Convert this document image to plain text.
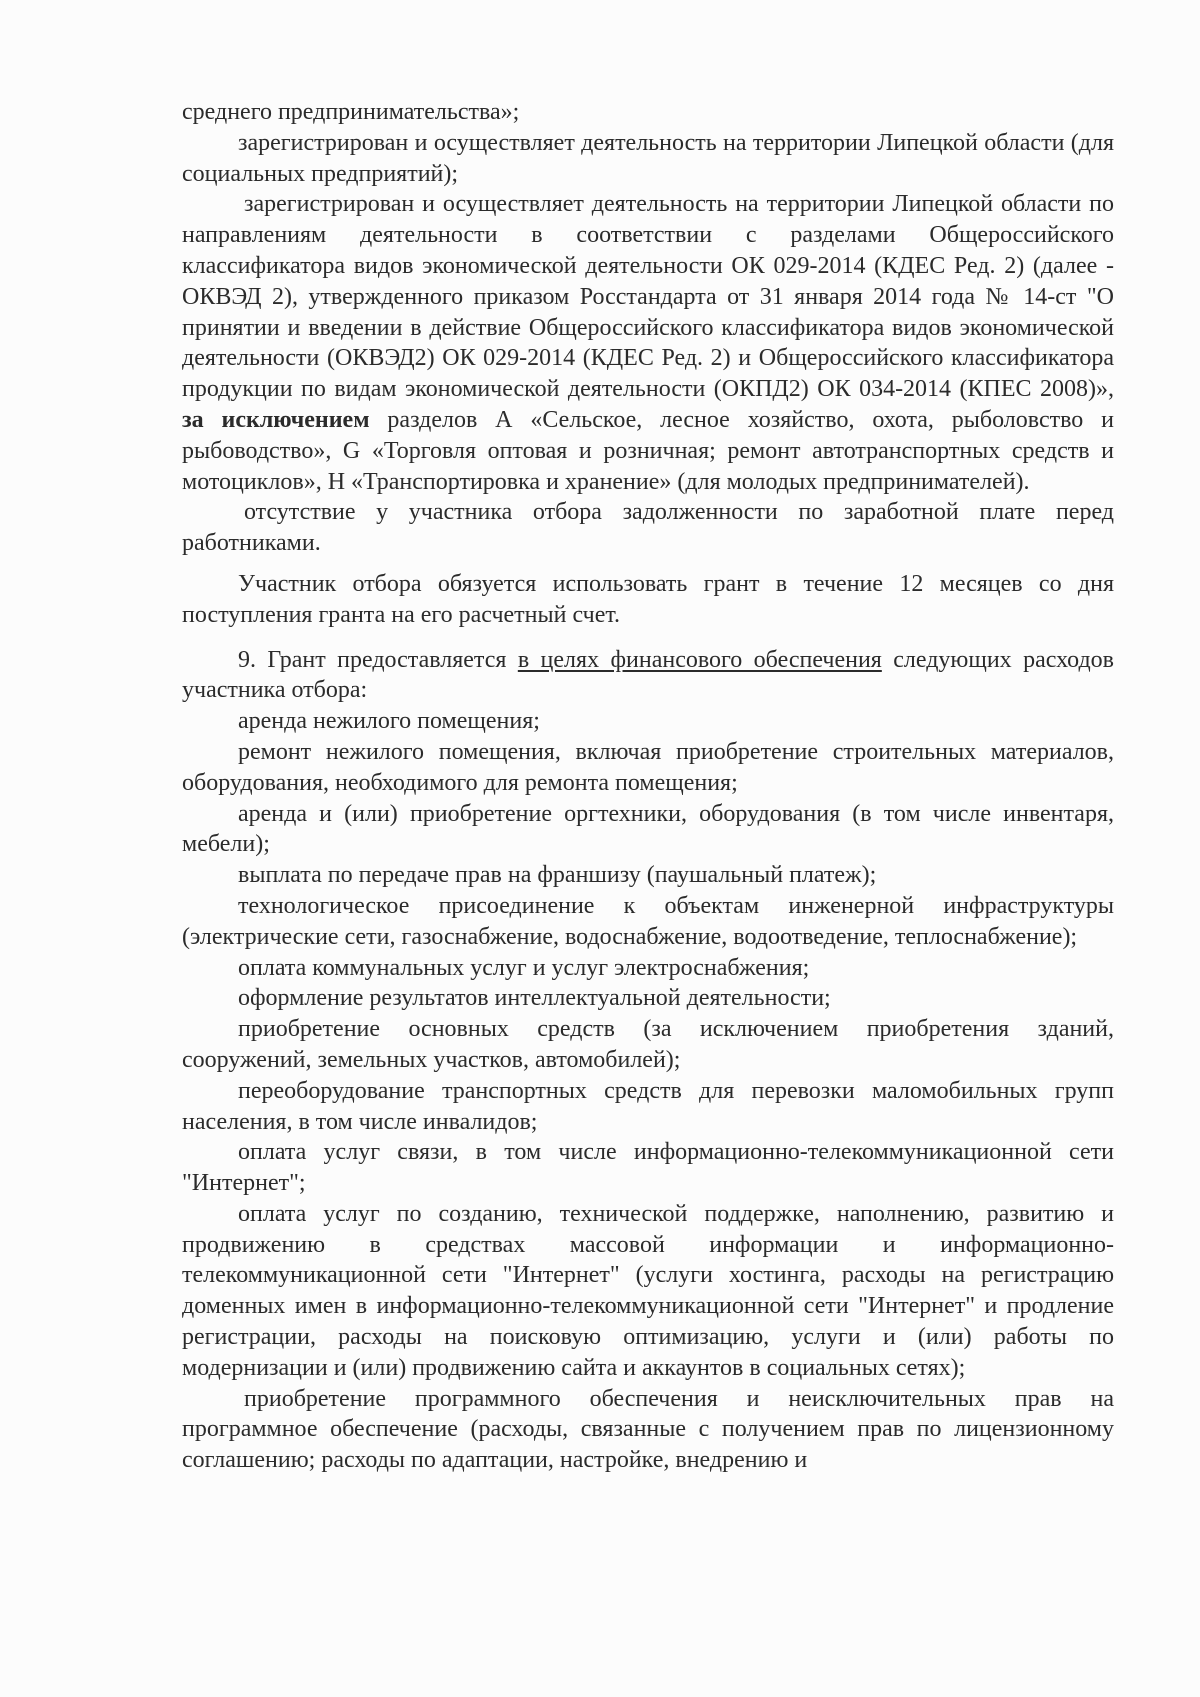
среднего предпринимательства»;

зарегистрирован и осуществляет деятельность на территории Липецкой области (для социальных предприятий);

зарегистрирован и осуществляет деятельность на территории Липецкой области по направлениям деятельности в соответствии с разделами Общероссийского классификатора видов экономической деятельности ОК 029-2014 (КДЕС Ред. 2) (далее - ОКВЭД 2), утвержденного приказом Росстандарта от 31 января 2014 года № 14-ст "О принятии и введении в действие Общероссийского классификатора видов экономической деятельности (ОКВЭД2) ОК 029-2014 (КДЕС Ред. 2) и Общероссийского классификатора продукции по видам экономической деятельности (ОКПД2) ОК 034-2014 (КПЕС 2008)», за исключением разделов А «Сельское, лесное хозяйство, охота, рыболовство и рыбоводство», G «Торговля оптовая и розничная; ремонт автотранспортных средств и мотоциклов», Н «Транспортировка и хранение» (для молодых предпринимателей).

отсутствие у участника отбора задолженности по заработной плате перед работниками.

Участник отбора обязуется использовать грант в течение 12 месяцев со дня поступления гранта на его расчетный счет.

9. Грант предоставляется в целях финансового обеспечения следующих расходов участника отбора:

аренда нежилого помещения;

ремонт нежилого помещения, включая приобретение строительных материалов, оборудования, необходимого для ремонта помещения;

аренда и (или) приобретение оргтехники, оборудования (в том числе инвентаря, мебели);

выплата по передаче прав на франшизу (паушальный платеж);

технологическое присоединение к объектам инженерной инфраструктуры (электрические сети, газоснабжение, водоснабжение, водоотведение, теплоснабжение);

оплата коммунальных услуг и услуг электроснабжения;

оформление результатов интеллектуальной деятельности;

приобретение основных средств (за исключением приобретения зданий, сооружений, земельных участков, автомобилей);

переоборудование транспортных средств для перевозки маломобильных групп населения, в том числе инвалидов;

оплата услуг связи, в том числе информационно-телекоммуникационной сети "Интернет";

оплата услуг по созданию, технической поддержке, наполнению, развитию и продвижению в средствах массовой информации и информационно-телекоммуникационной сети "Интернет" (услуги хостинга, расходы на регистрацию доменных имен в информационно-телекоммуникационной сети "Интернет" и продление регистрации, расходы на поисковую оптимизацию, услуги и (или) работы по модернизации и (или) продвижению сайта и аккаунтов в социальных сетях);

приобретение программного обеспечения и неисключительных прав на программное обеспечение (расходы, связанные с получением прав по лицензионному соглашению; расходы по адаптации, настройке, внедрению и
